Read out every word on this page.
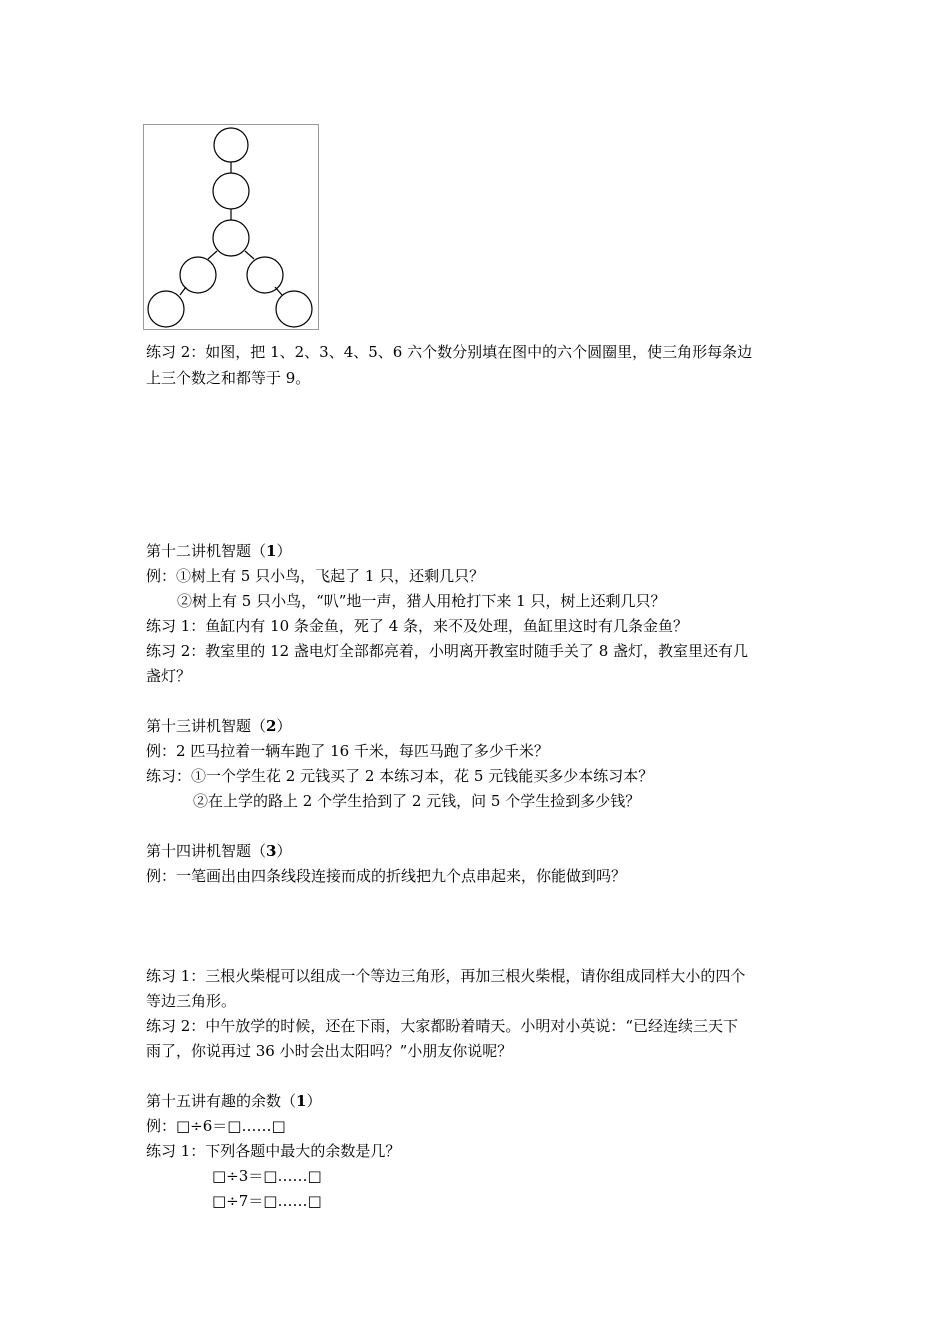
练习 2：如图，把 1、2、3、4、5、6 六个数分别填在图中的六个圆圈里，使三角形每条边
上三个数之和都等于 9。
第十二讲机智题（1）
例：①树上有 5 只小鸟，飞起了 1 只，还剩几只？
②树上有 5 只小鸟，“叭”地一声，猎人用枪打下来 1 只，树上还剩几只？
练习 1：鱼缸内有 10 条金鱼，死了 4 条，来不及处理，鱼缸里这时有几条金鱼？
练习 2：教室里的 12 盏电灯全部都亮着，小明离开教室时随手关了 8 盏灯，教室里还有几
盏灯？
第十三讲机智题（2）
例：2 匹马拉着一辆车跑了 16 千米，每匹马跑了多少千米？
练习：①一个学生花 2 元钱买了 2 本练习本，花 5 元钱能买多少本练习本？
②在上学的路上 2 个学生拾到了 2 元钱，问 5 个学生捡到多少钱？
第十四讲机智题（3）
例：一笔画出由四条线段连接而成的折线把九个点串起来，你能做到吗？
练习 1：三根火柴棍可以组成一个等边三角形，再加三根火柴棍，请你组成同样大小的四个
等边三角形。
练习 2：中午放学的时候，还在下雨，大家都盼着晴天。小明对小英说：“已经连续三天下
雨了，你说再过 36 小时会出太阳吗？”小朋友你说呢？
第十五讲有趣的余数（1）
例：□÷6＝□……□
练习 1：下列各题中最大的余数是几？
□÷3＝□……□
□÷7＝□……□
